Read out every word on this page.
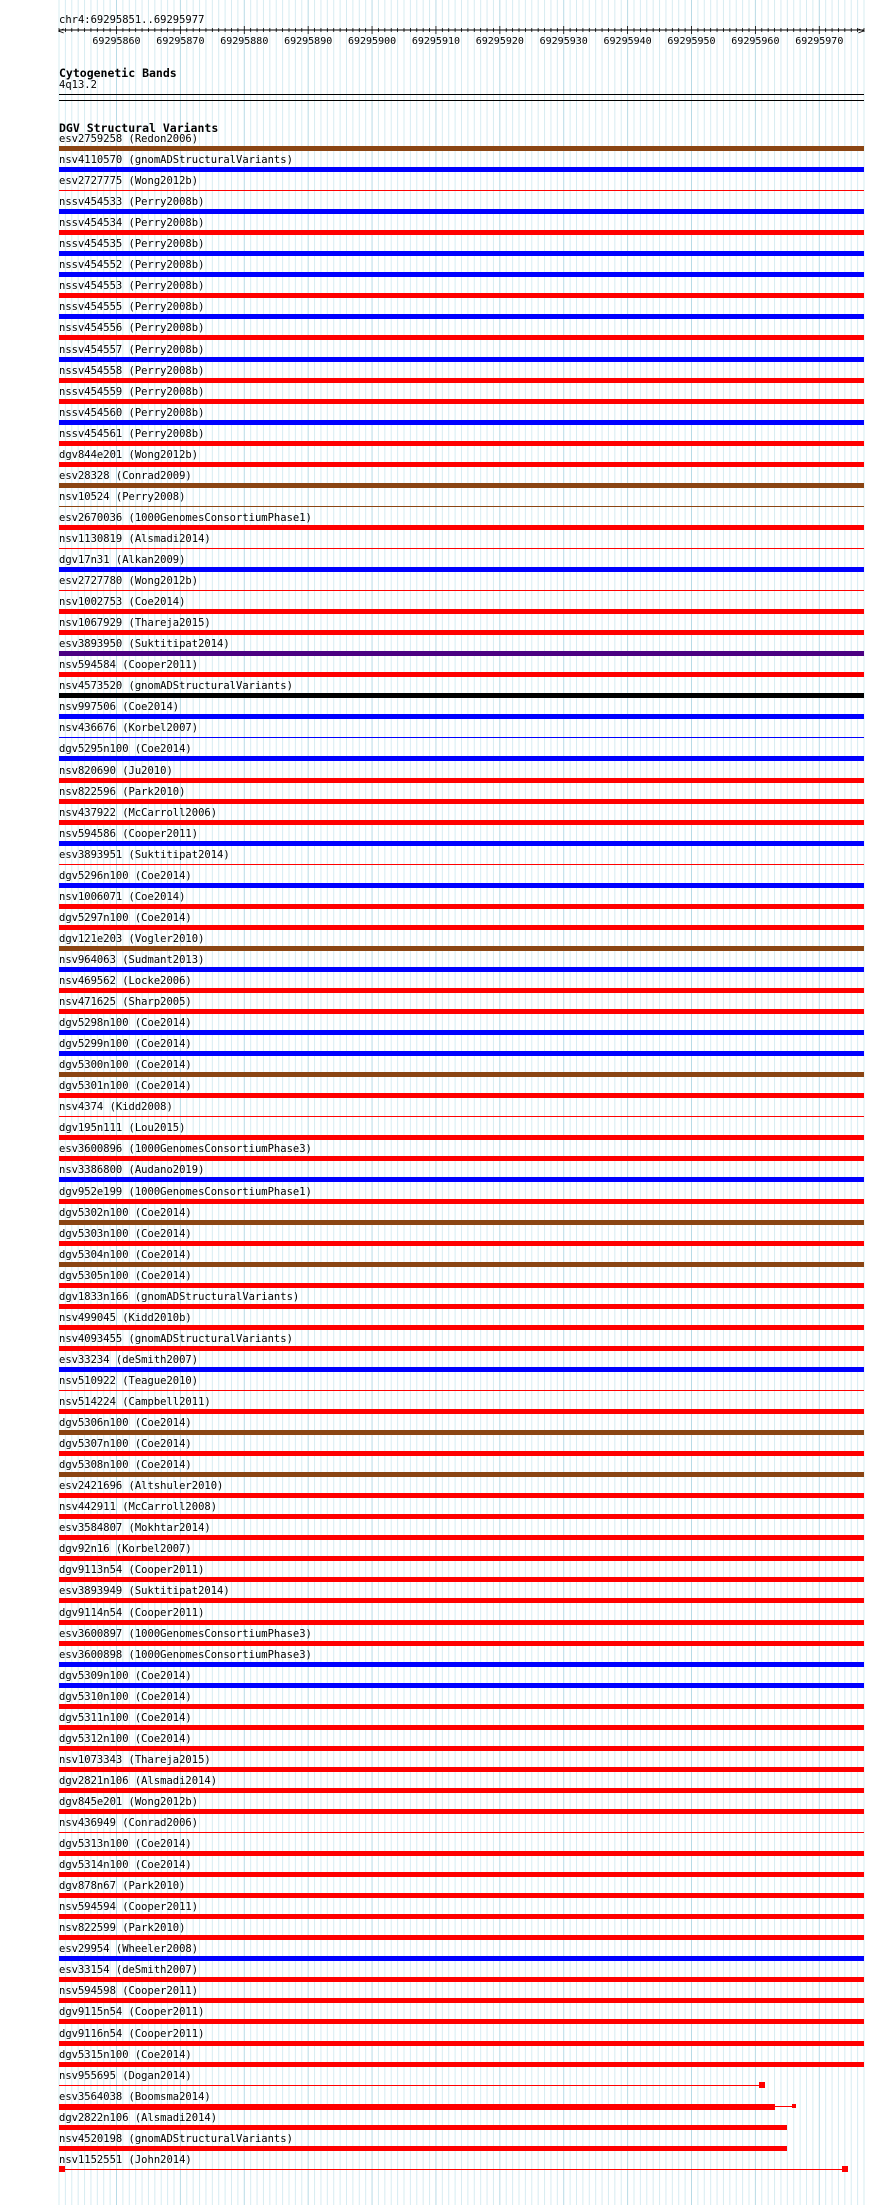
chr4:69295851..69295977
69295860 69295870 69295880 69295890 69295900 69295910 69295920 69295930 69295940 69295950 69295960 69295970
<	>
Cytogenetic Bands
4q13.2
DGV Structural Variants
esv2759258 (Redon2006)
nsv4110570 (gnomADStructuralVariants)
esv2727775 (Wong2012b)
nssv454533 (Perry2008b)
nssv454534 (Perry2008b)
nssv454535 (Perry2008b)
nssv454552 (Perry2008b)
nssv454553 (Perry2008b)
nssv454555 (Perry2008b)
nssv454556 (Perry2008b)
nssv454557 (Perry2008b)
nssv454558 (Perry2008b)
nssv454559 (Perry2008b)
nssv454560 (Perry2008b)
nssv454561 (Perry2008b)
dgv844e201 (Wong2012b)
esv28328 (Conrad2009)
nsv10524 (Perry2008)
esv2670036 (1000GenomesConsortiumPhase1)
nsv1130819 (Alsmadi2014)
dgv17n31 (Alkan2009)
esv2727780 (Wong2012b)
nsv1002753 (Coe2014)
nsv1067929 (Thareja2015)
esv3893950 (Suktitipat2014)
nsv594584 (Cooper2011)
nsv4573520 (gnomADStructuralVariants)
nsv997506 (Coe2014)
nsv436676 (Korbel2007)
dgv5295n100 (Coe2014)
nsv820690 (Ju2010)
nsv822596 (Park2010)
nsv437922 (McCarroll2006)
nsv594586 (Cooper2011)
esv3893951 (Suktitipat2014)
dgv5296n100 (Coe2014)
nsv1006071 (Coe2014)
dgv5297n100 (Coe2014)
dgv121e203 (Vogler2010)
nsv964063 (Sudmant2013)
nsv469562 (Locke2006)
nsv471625 (Sharp2005)
dgv5298n100 (Coe2014)
dgv5299n100 (Coe2014)
dgv5300n100 (Coe2014)
dgv5301n100 (Coe2014)
nsv4374 (Kidd2008)
dgv195n111 (Lou2015)
esv3600896 (1000GenomesConsortiumPhase3)
nsv3386800 (Audano2019)
dgv952e199 (1000GenomesConsortiumPhase1)
dgv5302n100 (Coe2014)
dgv5303n100 (Coe2014)
dgv5304n100 (Coe2014)
dgv5305n100 (Coe2014)
dgv1833n166 (gnomADStructuralVariants)
nsv499045 (Kidd2010b)
nsv4093455 (gnomADStructuralVariants)
esv33234 (deSmith2007)
nsv510922 (Teague2010)
nsv514224 (Campbell2011)
dgv5306n100 (Coe2014)
dgv5307n100 (Coe2014)
dgv5308n100 (Coe2014)
esv2421696 (Altshuler2010)
nsv442911 (McCarroll2008)
esv3584807 (Mokhtar2014)
dgv92n16 (Korbel2007)
dgv9113n54 (Cooper2011)
esv3893949 (Suktitipat2014)
dgv9114n54 (Cooper2011)
esv3600897 (1000GenomesConsortiumPhase3)
esv3600898 (1000GenomesConsortiumPhase3)
dgv5309n100 (Coe2014)
dgv5310n100 (Coe2014)
dgv5311n100 (Coe2014)
dgv5312n100 (Coe2014)
nsv1073343 (Thareja2015)
dgv2821n106 (Alsmadi2014)
dgv845e201 (Wong2012b)
nsv436949 (Conrad2006)
dgv5313n100 (Coe2014)
dgv5314n100 (Coe2014)
dgv878n67 (Park2010)
nsv594594 (Cooper2011)
nsv822599 (Park2010)
esv29954 (Wheeler2008)
esv33154 (deSmith2007)
nsv594598 (Cooper2011)
dgv9115n54 (Cooper2011)
dgv9116n54 (Cooper2011)
dgv5315n100 (Coe2014)
nsv955695 (Dogan2014)
esv3564038 (Boomsma2014)
dgv2822n106 (Alsmadi2014)
nsv4520198 (gnomADStructuralVariants)
nsv1152551 (John2014)
